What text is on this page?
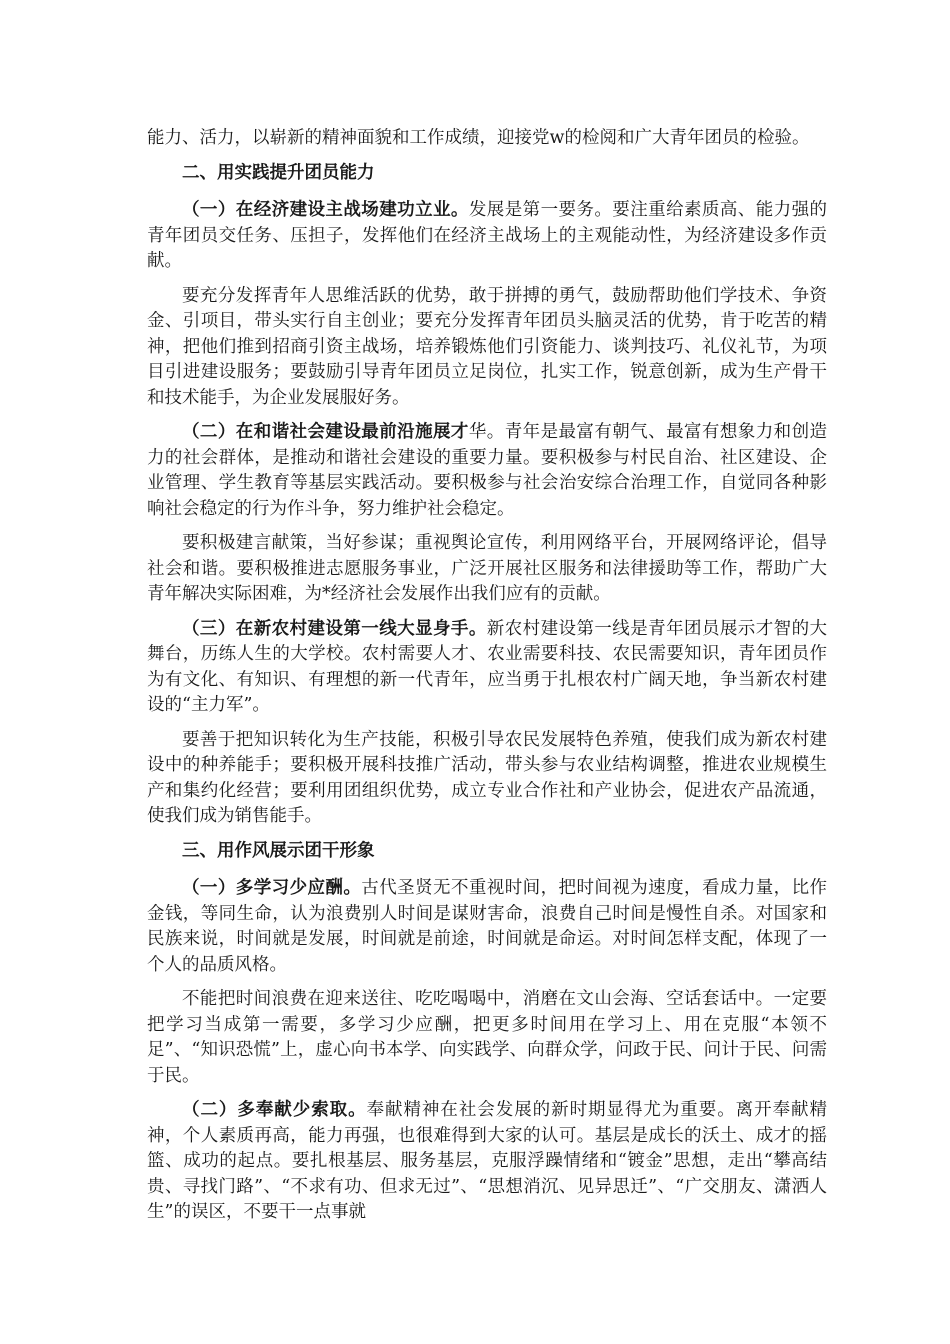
能力、活力，以崭新的精神面貌和工作成绩，迎接党w的检阅和广大青年团员的检验。

二、用实践提升团员能力

（一）在经济建设主战场建功立业。发展是第一要务。要注重给素质高、能力强的青年团员交任务、压担子，发挥他们在经济主战场上的主观能动性，为经济建设多作贡献。

要充分发挥青年人思维活跃的优势，敢于拼搏的勇气，鼓励帮助他们学技术、争资金、引项目，带头实行自主创业；要充分发挥青年团员头脑灵活的优势，肯于吃苦的精神，把他们推到招商引资主战场，培养锻炼他们引资能力、谈判技巧、礼仪礼节，为项目引进建设服务；要鼓励引导青年团员立足岗位，扎实工作，锐意创新，成为生产骨干和技术能手，为企业发展服好务。

（二）在和谐社会建设最前沿施展才华。青年是最富有朝气、最富有想象力和创造力的社会群体，是推动和谐社会建设的重要力量。要积极参与村民自治、社区建设、企业管理、学生教育等基层实践活动。要积极参与社会治安综合治理工作，自觉同各种影响社会稳定的行为作斗争，努力维护社会稳定。

要积极建言献策，当好参谋；重视舆论宣传，利用网络平台，开展网络评论，倡导社会和谐。要积极推进志愿服务事业，广泛开展社区服务和法律援助等工作，帮助广大青年解决实际困难，为*经济社会发展作出我们应有的贡献。

（三）在新农村建设第一线大显身手。新农村建设第一线是青年团员展示才智的大舞台，历练人生的大学校。农村需要人才、农业需要科技、农民需要知识，青年团员作为有文化、有知识、有理想的新一代青年，应当勇于扎根农村广阔天地，争当新农村建设的“主力军”。

要善于把知识转化为生产技能，积极引导农民发展特色养殖，使我们成为新农村建设中的种养能手；要积极开展科技推广活动，带头参与农业结构调整，推进农业规模生产和集约化经营；要利用团组织优势，成立专业合作社和产业协会，促进农产品流通，使我们成为销售能手。

三、用作风展示团干形象

（一）多学习少应酬。古代圣贤无不重视时间，把时间视为速度，看成力量，比作金钱，等同生命，认为浪费别人时间是谋财害命，浪费自己时间是慢性自杀。对国家和民族来说，时间就是发展，时间就是前途，时间就是命运。对时间怎样支配，体现了一个人的品质风格。

不能把时间浪费在迎来送往、吃吃喝喝中，消磨在文山会海、空话套话中。一定要把学习当成第一需要，多学习少应酬，把更多时间用在学习上、用在克服“本领不足”、“知识恐慌”上，虚心向书本学、向实践学、向群众学，问政于民、问计于民、问需于民。

（二）多奉献少索取。奉献精神在社会发展的新时期显得尤为重要。离开奉献精神，个人素质再高，能力再强，也很难得到大家的认可。基层是成长的沃土、成才的摇篮、成功的起点。要扎根基层、服务基层，克服浮躁情绪和“镀金”思想，走出“攀高结贵、寻找门路”、“不求有功、但求无过”、“思想消沉、见异思迁”、“广交朋友、潇洒人生”的误区，不要干一点事就
